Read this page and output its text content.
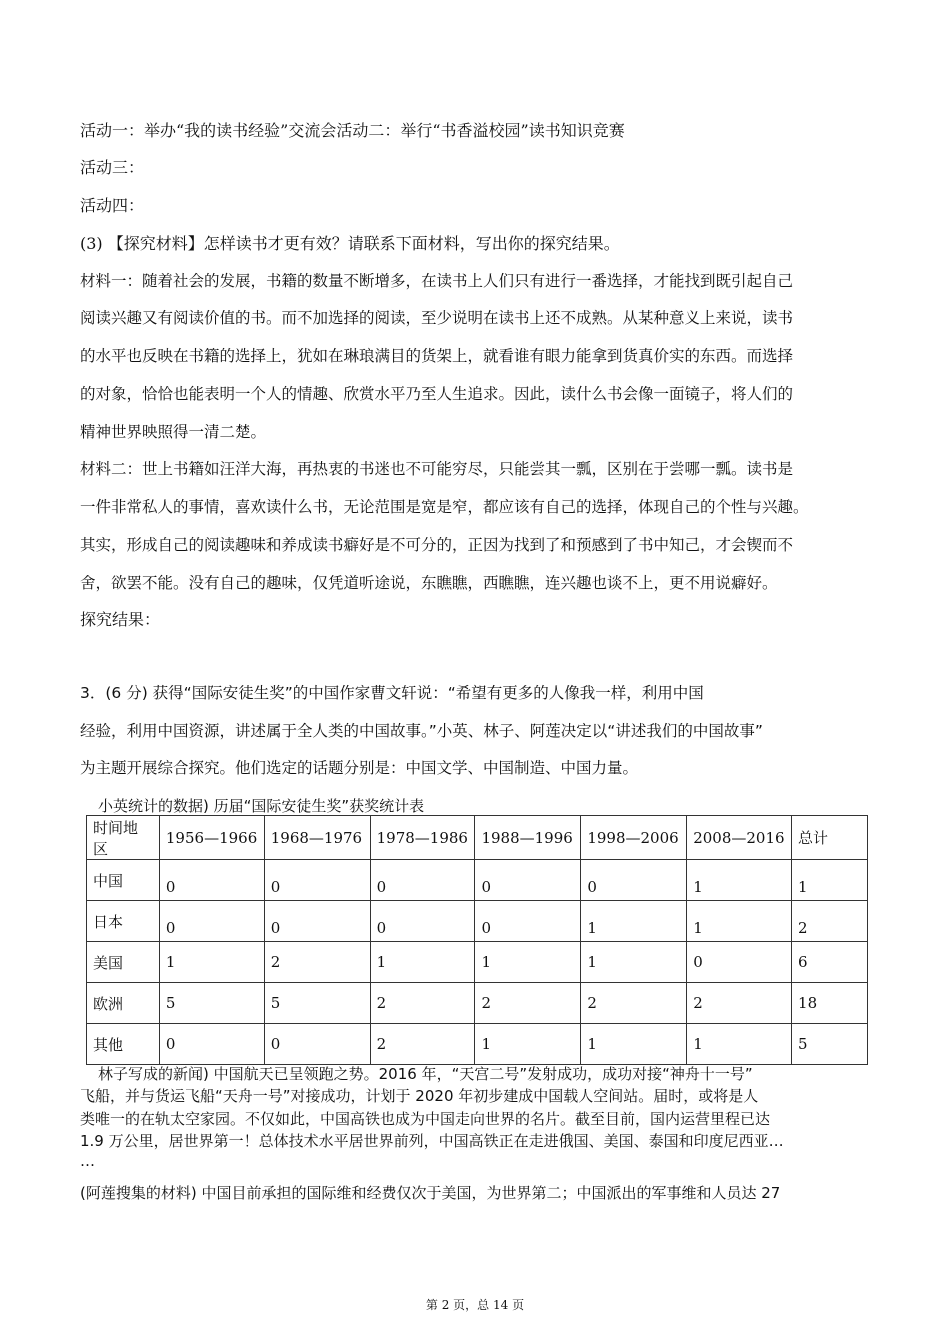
活动一：举办“我的读书经验”交流会活动二：举行“书香溢校园”读书知识竞赛
活动三：
活动四：
(3) 【探究材料】怎样读书才更有效？请联系下面材料，写出你的探究结果。
材料一：随着社会的发展，书籍的数量不断增多，在读书上人们只有进行一番选择，才能找到既引起自己
阅读兴趣又有阅读价值的书。而不加选择的阅读，至少说明在读书上还不成熟。从某种意义上来说，读书
的水平也反映在书籍的选择上，犹如在琳琅满目的货架上，就看谁有眼力能拿到货真价实的东西。而选择
的对象，恰恰也能表明一个人的情趣、欣赏水平乃至人生追求。因此，读什么书会像一面镜子，将人们的
精神世界映照得一清二楚。
材料二：世上书籍如汪洋大海，再热衷的书迷也不可能穷尽，只能尝其一瓢，区别在于尝哪一瓢。读书是
一件非常私人的事情，喜欢读什么书，无论范围是宽是窄，都应该有自己的选择，体现自己的个性与兴趣。
其实，形成自己的阅读趣味和养成读书癖好是不可分的，正因为找到了和预感到了书中知己，才会锲而不
舍，欲罢不能。没有自己的趣味，仅凭道听途说，东瞧瞧，西瞧瞧，连兴趣也谈不上，更不用说癖好。
探究结果：
3．(6 分) 获得“国际安徒生奖”的中国作家曹文轩说：“希望有更多的人像我一样，利用中国
经验，利用中国资源，讲述属于全人类的中国故事。”小英、林子、阿莲决定以“讲述我们的中国故事”
为主题开展综合探究。他们选定的话题分别是：中国文学、中国制造、中国力量。
小英统计的数据) 历届“国际安徒生奖”获奖统计表
时间地
区	1956—1966	1968—1976	1978—1986	1988—1996	1998—2006	2008—2016	总计
中国	0	0	0	0	0	1	1
日本	0	0	0	0	1	1	2
美国	1	2	1	1	1	0	6
欧洲	5	5	2	2	2	2	18
其他	0	0	2	1	1	1	5
林子写成的新闻) 中国航天已呈领跑之势。2016 年，“天宫二号”发射成功，成功对接“神舟十一号”
飞船，并与货运飞船“天舟一号”对接成功，计划于 2020 年初步建成中国载人空间站。届时，或将是人
类唯一的在轨太空家园。不仅如此，中国高铁也成为中国走向世界的名片。截至目前，国内运营里程已达
1.9 万公里，居世界第一！总体技术水平居世界前列，中国高铁正在走进俄国、美国、泰国和印度尼西亚…
…
(阿莲搜集的材料) 中国目前承担的国际维和经费仅次于美国，为世界第二；中国派出的军事维和人员达 27
第 2 页，总 14 页
